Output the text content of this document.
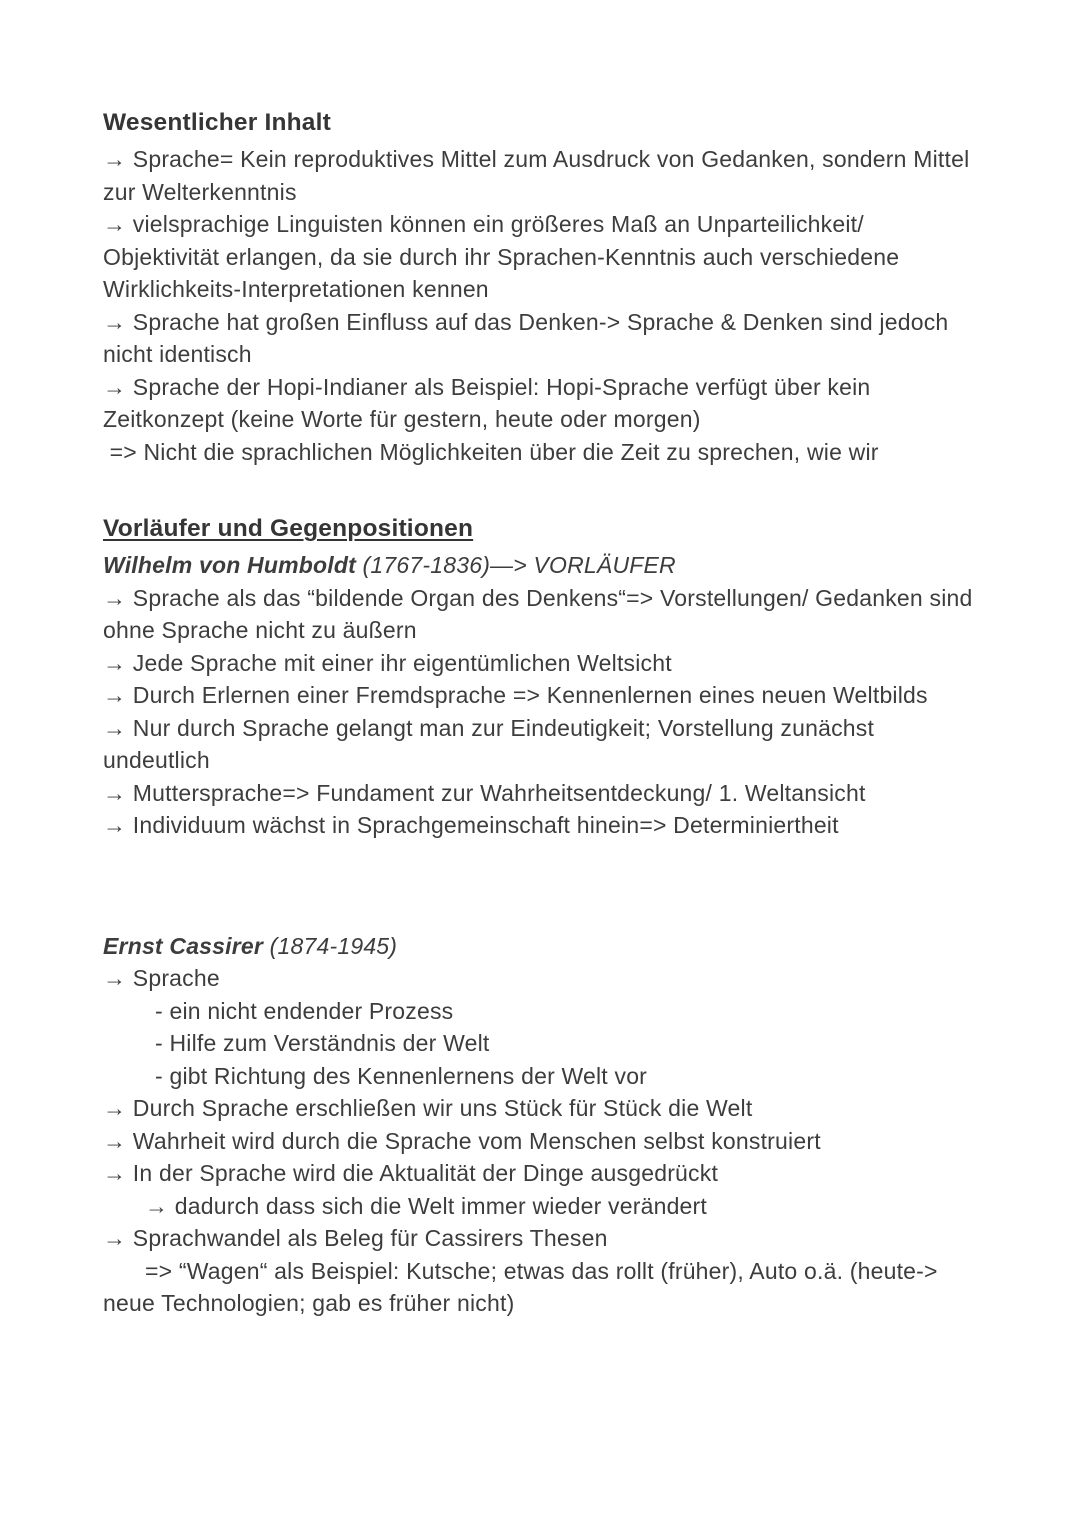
Wesentlicher Inhalt

→ Sprache= Kein reproduktives Mittel zum Ausdruck von Gedanken, sondern Mittel zur Welterkenntnis

→ vielsprachige Linguisten können ein größeres Maß an Unparteilichkeit/ Objektivität erlangen, da sie durch ihr Sprachen-Kenntnis auch verschiedene Wirklichkeits-Interpretationen kennen

→ Sprache hat großen Einfluss auf das Denken-> Sprache & Denken sind jedoch nicht identisch

→ Sprache der Hopi-Indianer als Beispiel: Hopi-Sprache verfügt über kein Zeitkonzept (keine Worte für gestern, heute oder morgen)

=> Nicht die sprachlichen Möglichkeiten über die Zeit zu sprechen, wie wir

Vorläufer und Gegenpositionen

Wilhelm von Humboldt (1767-1836)—> VORLÄUFER

→ Sprache als das “bildende Organ des Denkens“=> Vorstellungen/ Gedanken sind ohne Sprache nicht zu äußern

→ Jede Sprache mit einer ihr eigentümlichen Weltsicht

→ Durch Erlernen einer Fremdsprache => Kennenlernen eines neuen Weltbilds

→ Nur durch Sprache gelangt man zur Eindeutigkeit; Vorstellung zunächst undeutlich

→ Muttersprache=> Fundament zur Wahrheitsentdeckung/ 1. Weltansicht

→ Individuum wächst in Sprachgemeinschaft hinein=> Determiniertheit

Ernst Cassirer (1874-1945)

→ Sprache

- ein nicht endender Prozess

- Hilfe zum Verständnis der Welt

- gibt Richtung des Kennenlernens der Welt vor

→ Durch Sprache erschließen wir uns Stück für Stück die Welt

→ Wahrheit wird durch die Sprache vom Menschen selbst konstruiert

→ In der Sprache wird die Aktualität der Dinge ausgedrückt

→ dadurch dass sich die Welt immer wieder verändert

→ Sprachwandel als Beleg für Cassirers Thesen

=> “Wagen“ als Beispiel: Kutsche; etwas das rollt (früher), Auto o.ä. (heute-> neue Technologien; gab es früher nicht)
